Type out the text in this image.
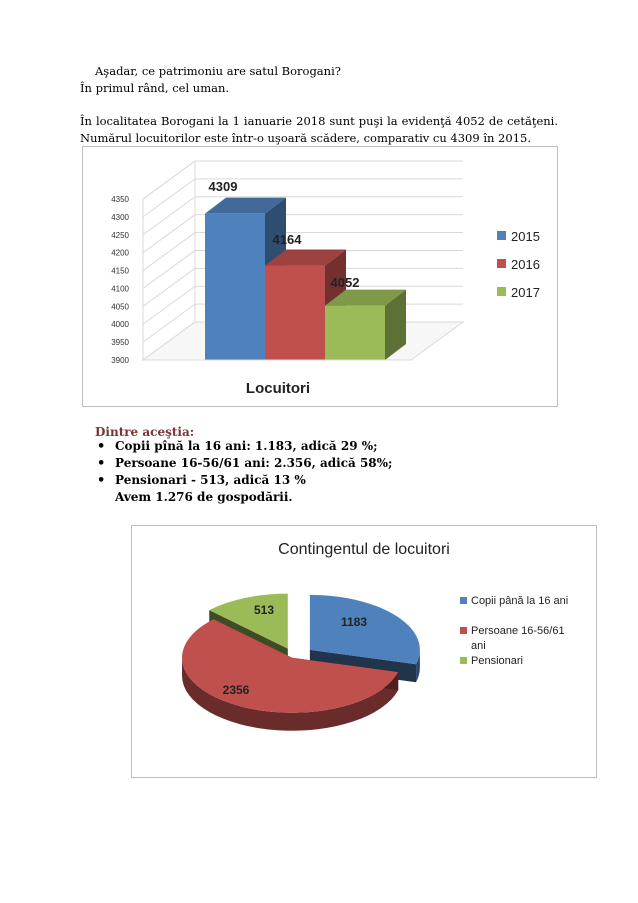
Aşadar, ce patrimoniu are satul Borogani?

În primul rând, cel uman.

În localitatea Borogani la 1 ianuarie 2018 sunt puşi la evidenţă 4052 de cetăţeni.

Numărul locuitorilor este într-o uşoară scădere, comparativ cu 4309 în 2015.

3900
3950
4000
4050
4100
4150
4200
4250
4300
4350
4309
4164
4052
Locuitori
2015
2016
2017

Dintre aceştia:

• Copii pînă la 16 ani: 1.183, adică 29 %;
• Persoane 16-56/61 ani: 2.356, adică 58%;
• Pensionari - 513, adică 13 %
Avem 1.276 de gospodării.
Contingentul de locuitori
1183
2356
513
Copii până la 16 ani
Persoane 16-56/61
ani
Pensionari
